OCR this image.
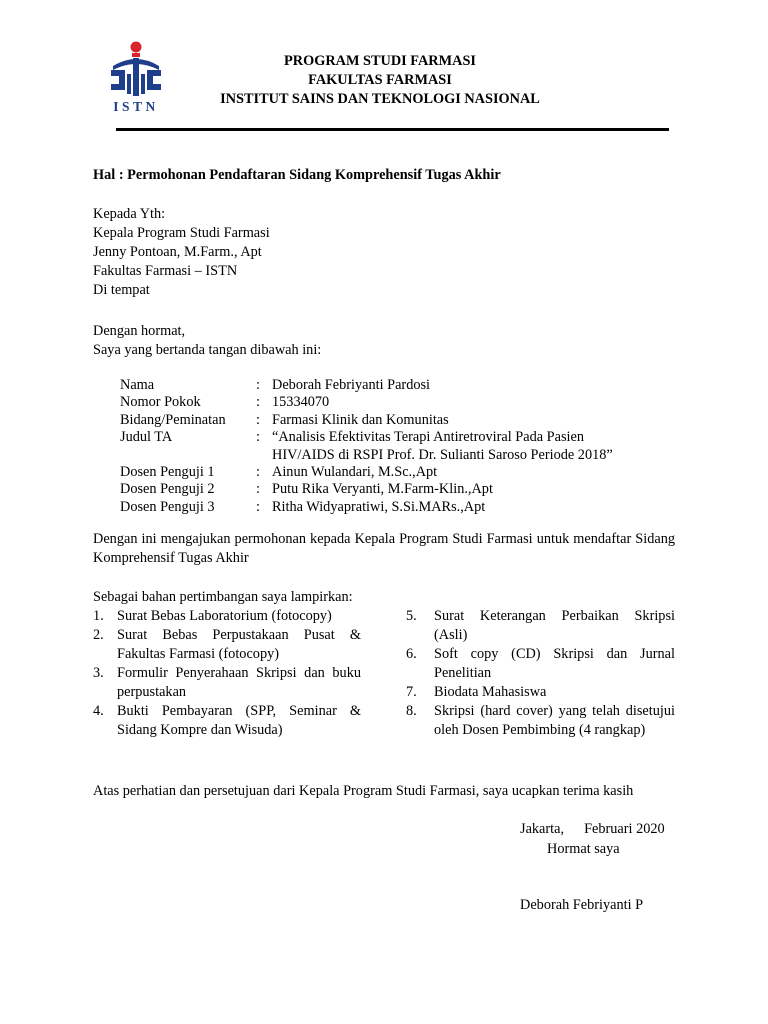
ISTN
PROGRAM STUDI FARMASI
FAKULTAS FARMASI
INSTITUT SAINS DAN TEKNOLOGI NASIONAL
Hal : Permohonan Pendaftaran Sidang Komprehensif Tugas Akhir
Kepada Yth:
Kepala Program Studi Farmasi
Jenny Pontoan, M.Farm., Apt
Fakultas Farmasi – ISTN
Di tempat
Dengan hormat,
Saya yang bertanda tangan dibawah ini:
Nama	:	Deborah Febriyanti Pardosi
Nomor Pokok	:	15334070
Bidang/Peminatan	:	Farmasi Klinik dan Komunitas
Judul TA	:	“Analisis Efektivitas Terapi Antiretroviral Pada Pasien
		HIV/AIDS di RSPI Prof. Dr. Sulianti Saroso Periode 2018”
Dosen Penguji 1	:	Ainun Wulandari, M.Sc.,Apt
Dosen Penguji 2	:	Putu Rika Veryanti, M.Farm-Klin.,Apt
Dosen Penguji 3	:	Ritha Widyapratiwi, S.Si.MARs.,Apt
Dengan ini mengajukan permohonan kepada Kepala Program Studi Farmasi untuk mendaftar Sidang Komprehensif Tugas Akhir
Sebagai bahan pertimbangan saya lampirkan:
1.	Surat Bebas Laboratorium (fotocopy)
2.	Surat Bebas Perpustakaan Pusat & Fakultas Farmasi (fotocopy)
3.	Formulir Penyerahaan Skripsi dan buku perpustakan
4.	Bukti Pembayaran (SPP, Seminar & Sidang Kompre dan Wisuda)
5.	Surat Keterangan Perbaikan Skripsi (Asli)
6.	Soft copy (CD) Skripsi dan Jurnal Penelitian
7.	Biodata Mahasiswa
8.	Skripsi (hard cover) yang telah disetujui oleh Dosen Pembimbing (4 rangkap)
Atas perhatian dan persetujuan dari Kepala Program Studi Farmasi, saya ucapkan terima kasih
Jakarta, Februari 2020
Hormat saya
Deborah Febriyanti P
